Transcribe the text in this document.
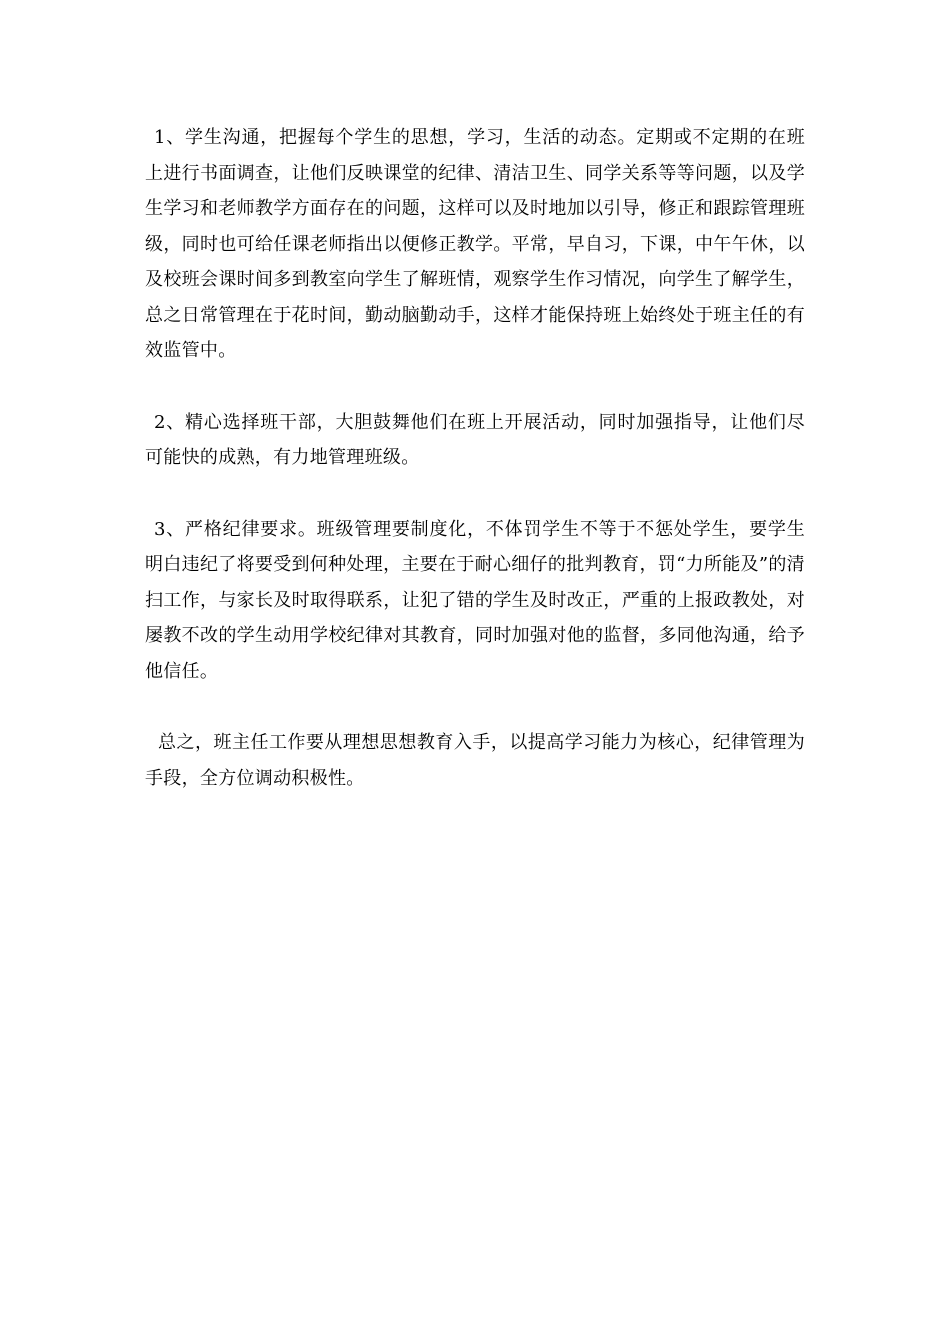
1、学生沟通，把握每个学生的思想，学习，生活的动态。定期或不定期的在班上进行书面调查，让他们反映课堂的纪律、清洁卫生、同学关系等等问题，以及学生学习和老师教学方面存在的问题，这样可以及时地加以引导，修正和跟踪管理班级，同时也可给任课老师指出以便修正教学。平常，早自习，下课，中午午休，以及校班会课时间多到教室向学生了解班情，观察学生作习情况，向学生了解学生，总之日常管理在于花时间，勤动脑勤动手，这样才能保持班上始终处于班主任的有效监管中。

2、精心选择班干部，大胆鼓舞他们在班上开展活动，同时加强指导，让他们尽可能快的成熟，有力地管理班级。

3、严格纪律要求。班级管理要制度化，不体罚学生不等于不惩处学生，要学生明白违纪了将要受到何种处理，主要在于耐心细仔的批判教育，罚“力所能及”的清扫工作，与家长及时取得联系，让犯了错的学生及时改正，严重的上报政教处，对屡教不改的学生动用学校纪律对其教育，同时加强对他的监督，多同他沟通，给予他信任。

总之，班主任工作要从理想思想教育入手，以提高学习能力为核心，纪律管理为手段，全方位调动积极性。
